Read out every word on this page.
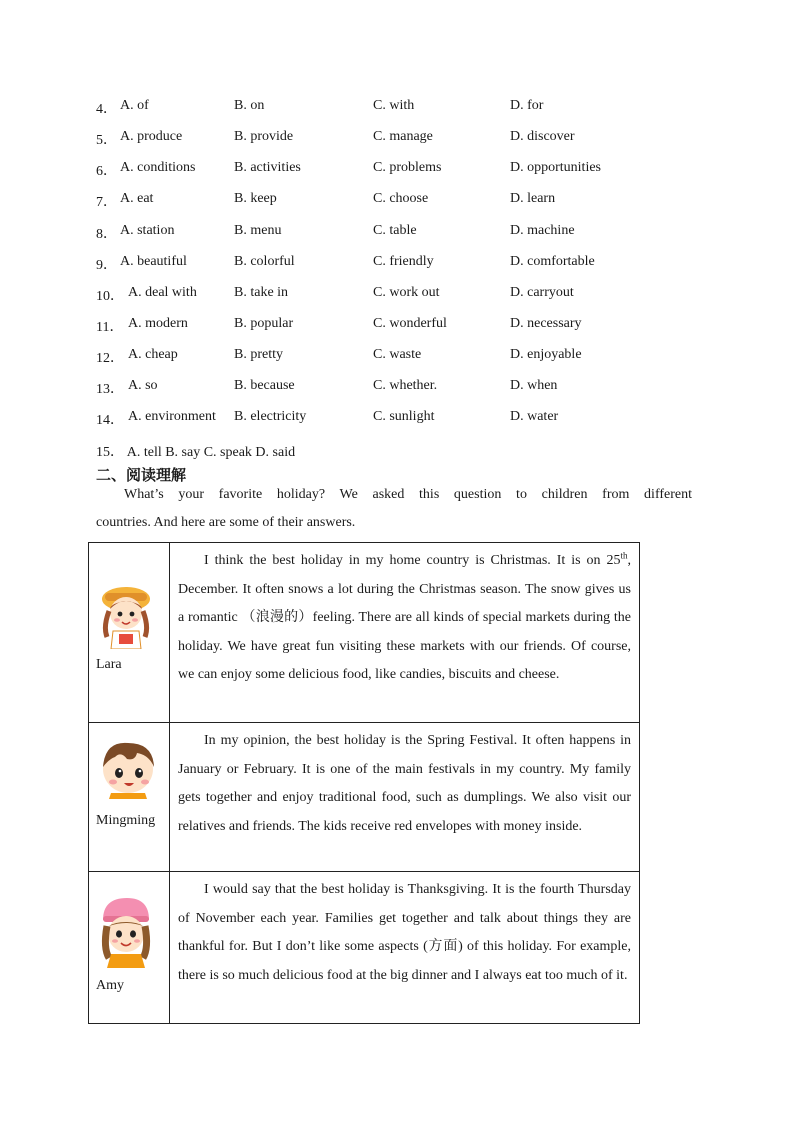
4． A. of	B. on	C. with	D. for
5． A. produce	B. provide	C. manage	D. discover
6． A. conditions	B. activities	C. problems	D. opportunities
7． A. eat	B. keep	C. choose	D. learn
8． A. station	B. menu	C. table	D. machine
9． A. beautiful	B. colorful	C. friendly	D. comfortable
10． A. deal with	B. take in	C. work out	D. carryout
11． A. modern	B. popular	C. wonderful	D. necessary
12． A. cheap	B. pretty	C. waste	D. enjoyable
13． A. so	B. because	C. whether.	D. when
14． A. environment B. electricity	C. sunlight	D. water
15． A. tell B. say C. speak D. said
二、阅读理解
What’s your favorite holiday? We asked this question to children from different
countries. And here are some of their answers.
Lara	I think the best holiday in my home country is Christmas. It is on 25th, December. It often snows a lot during the Christmas season. The snow gives us a romantic （浪漫的）feeling. There are all kinds of special markets during the holiday. We have great fun visiting these markets with our friends. Of course, we can enjoy some delicious food, like candies, biscuits and cheese.

Mingming	In my opinion, the best holiday is the Spring Festival. It often happens in January or February. It is one of the main festivals in my country. My family gets together and enjoy traditional food, such as dumplings. We also visit our relatives and friends. The kids receive red envelopes with money inside.

Amy	I would say that the best holiday is Thanksgiving. It is the fourth Thursday of November each year. Families get together and talk about things they are thankful for. But I don’t like some aspects (方面) of this holiday. For example, there is so much delicious food at the big dinner and I always eat too much of it.
